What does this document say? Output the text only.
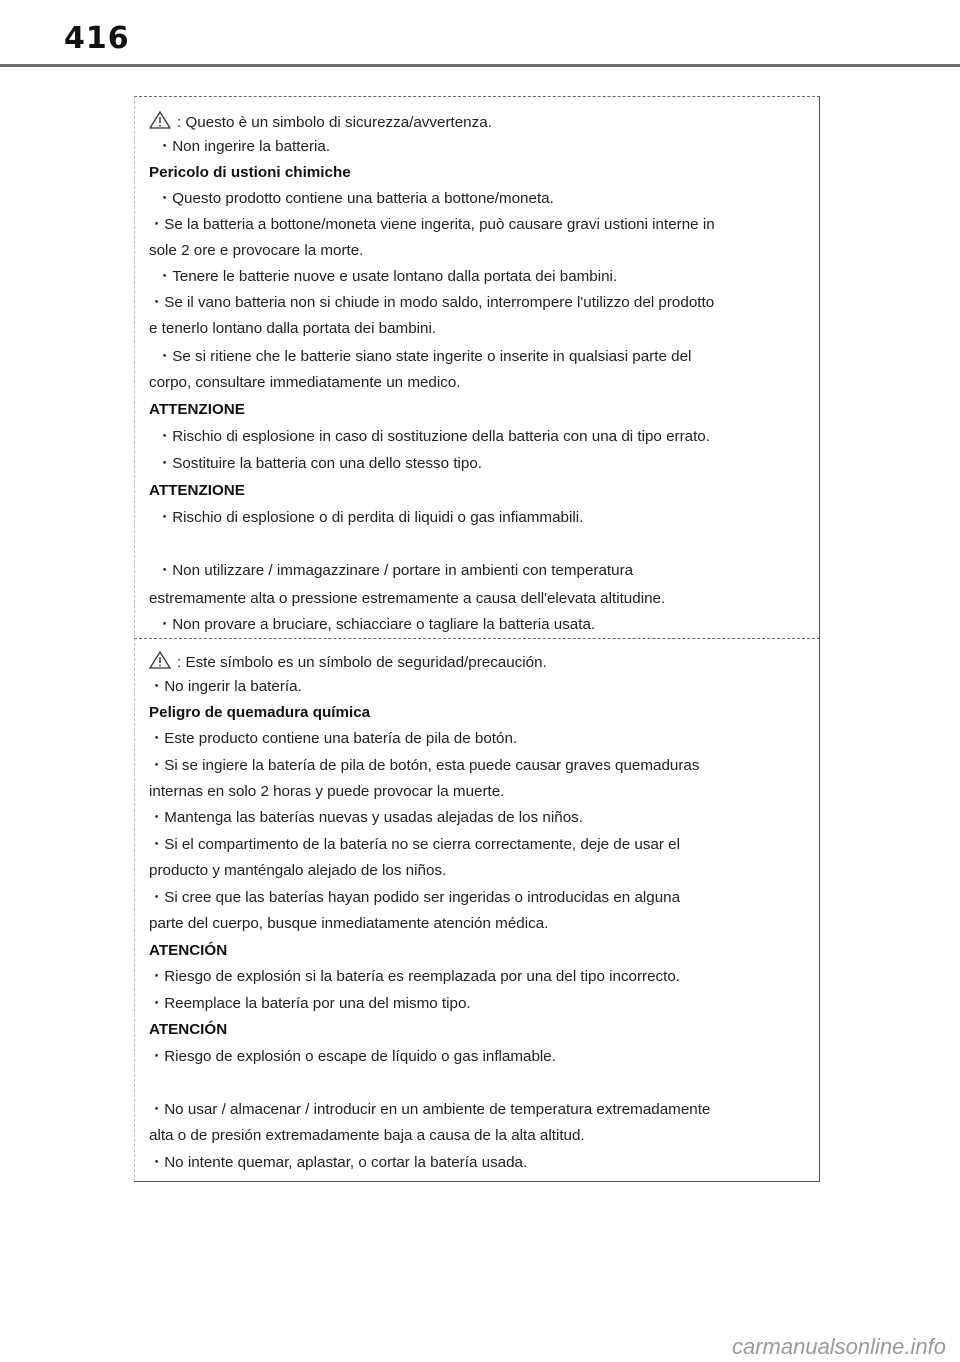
416
: Questo è un simbolo di sicurezza/avvertenza.
・Non ingerire la batteria.
Pericolo di ustioni chimiche
・Questo prodotto contiene una batteria a bottone/moneta.
・Se la batteria a bottone/moneta viene ingerita, può causare gravi ustioni interne in
sole 2 ore e provocare la morte.
・Tenere le batterie nuove e usate lontano dalla portata dei bambini.
・Se il vano batteria non si chiude in modo saldo, interrompere l'utilizzo del prodotto
e tenerlo lontano dalla portata dei bambini.
・Se si ritiene che le batterie siano state ingerite o inserite in qualsiasi parte del
corpo, consultare immediatamente un medico.
ATTENZIONE
・Rischio di esplosione in caso di sostituzione della batteria con una di tipo errato.
・Sostituire la batteria con una dello stesso tipo.
ATTENZIONE
・Rischio di esplosione o di perdita di liquidi o gas infiammabili.
・Non utilizzare / immagazzinare / portare in ambienti con temperatura
estremamente alta o pressione estremamente a causa dell'elevata altitudine.
・Non provare a bruciare, schiacciare o tagliare la batteria usata.
: Este símbolo es un símbolo de seguridad/precaución.
・No ingerir la batería.
Peligro de quemadura química
・Este producto contiene una batería de pila de botón.
・Si se ingiere la batería de pila de botón, esta puede causar graves quemaduras
internas en solo 2 horas y puede provocar la muerte.
・Mantenga las baterías nuevas y usadas alejadas de los niños.
・Si el compartimento de la batería no se cierra correctamente, deje de usar el
producto y manténgalo alejado de los niños.
・Si cree que las baterías hayan podido ser ingeridas o introducidas en alguna
parte del cuerpo, busque inmediatamente atención médica.
ATENCIÓN
・Riesgo de explosión si la batería es reemplazada por una del tipo incorrecto.
・Reemplace la batería por una del mismo tipo.
ATENCIÓN
・Riesgo de explosión o escape de líquido o gas inflamable.
・No usar / almacenar / introducir en un ambiente de temperatura extremadamente
alta o de presión extremadamente baja a causa de la alta altitud.
・No intente quemar, aplastar, o cortar la batería usada.
carmanualsonline.info
